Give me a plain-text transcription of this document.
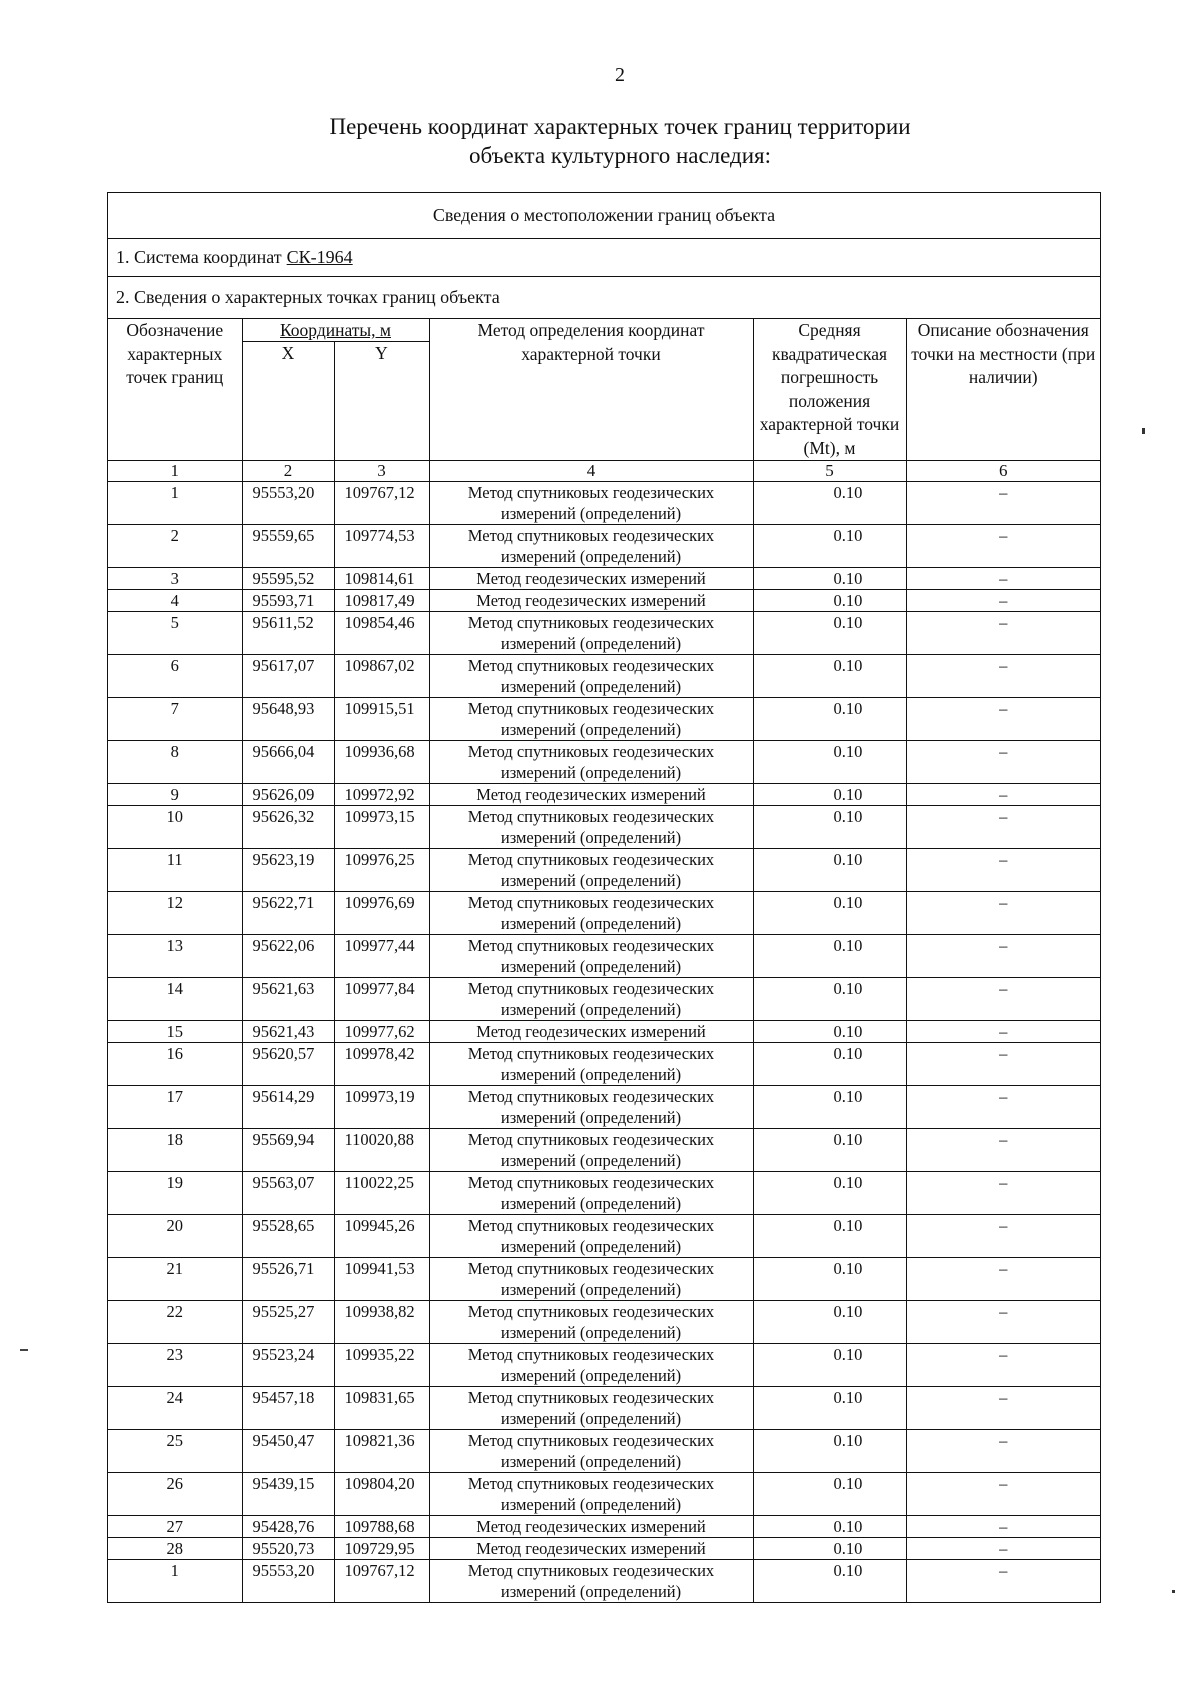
2
Перечень координат характерных точек границ территории
объекта культурного наследия:
Сведения о местоположении границ объекта
1. Система координат СК-1964
2. Сведения о характерных точках границ объекта
Обозначение характерных точек границ	Координаты, м		Метод определения координат характерной точки	Средняя квадратическая погрешность положения характерной точки (Mt), м	Описание обозначения точки на местности (при наличии)
	X	Y			
1	2	3	4	5	6
1	95553,20	109767,12	Метод спутниковых геодезических измерений (определений)	0.10	–
2	95559,65	109774,53	Метод спутниковых геодезических измерений (определений)	0.10	–
3	95595,52	109814,61	Метод геодезических измерений	0.10	–
4	95593,71	109817,49	Метод геодезических измерений	0.10	–
5	95611,52	109854,46	Метод спутниковых геодезических измерений (определений)	0.10	–
6	95617,07	109867,02	Метод спутниковых геодезических измерений (определений)	0.10	–
7	95648,93	109915,51	Метод спутниковых геодезических измерений (определений)	0.10	–
8	95666,04	109936,68	Метод спутниковых геодезических измерений (определений)	0.10	–
9	95626,09	109972,92	Метод геодезических измерений	0.10	–
10	95626,32	109973,15	Метод спутниковых геодезических измерений (определений)	0.10	–
11	95623,19	109976,25	Метод спутниковых геодезических измерений (определений)	0.10	–
12	95622,71	109976,69	Метод спутниковых геодезических измерений (определений)	0.10	–
13	95622,06	109977,44	Метод спутниковых геодезических измерений (определений)	0.10	–
14	95621,63	109977,84	Метод спутниковых геодезических измерений (определений)	0.10	–
15	95621,43	109977,62	Метод геодезических измерений	0.10	–
16	95620,57	109978,42	Метод спутниковых геодезических измерений (определений)	0.10	–
17	95614,29	109973,19	Метод спутниковых геодезических измерений (определений)	0.10	–
18	95569,94	110020,88	Метод спутниковых геодезических измерений (определений)	0.10	–
19	95563,07	110022,25	Метод спутниковых геодезических измерений (определений)	0.10	–
20	95528,65	109945,26	Метод спутниковых геодезических измерений (определений)	0.10	–
21	95526,71	109941,53	Метод спутниковых геодезических измерений (определений)	0.10	–
22	95525,27	109938,82	Метод спутниковых геодезических измерений (определений)	0.10	–
23	95523,24	109935,22	Метод спутниковых геодезических измерений (определений)	0.10	–
24	95457,18	109831,65	Метод спутниковых геодезических измерений (определений)	0.10	–
25	95450,47	109821,36	Метод спутниковых геодезических измерений (определений)	0.10	–
26	95439,15	109804,20	Метод спутниковых геодезических измерений (определений)	0.10	–
27	95428,76	109788,68	Метод геодезических измерений	0.10	–
28	95520,73	109729,95	Метод геодезических измерений	0.10	–
1	95553,20	109767,12	Метод спутниковых геодезических измерений (определений)	0.10	–
